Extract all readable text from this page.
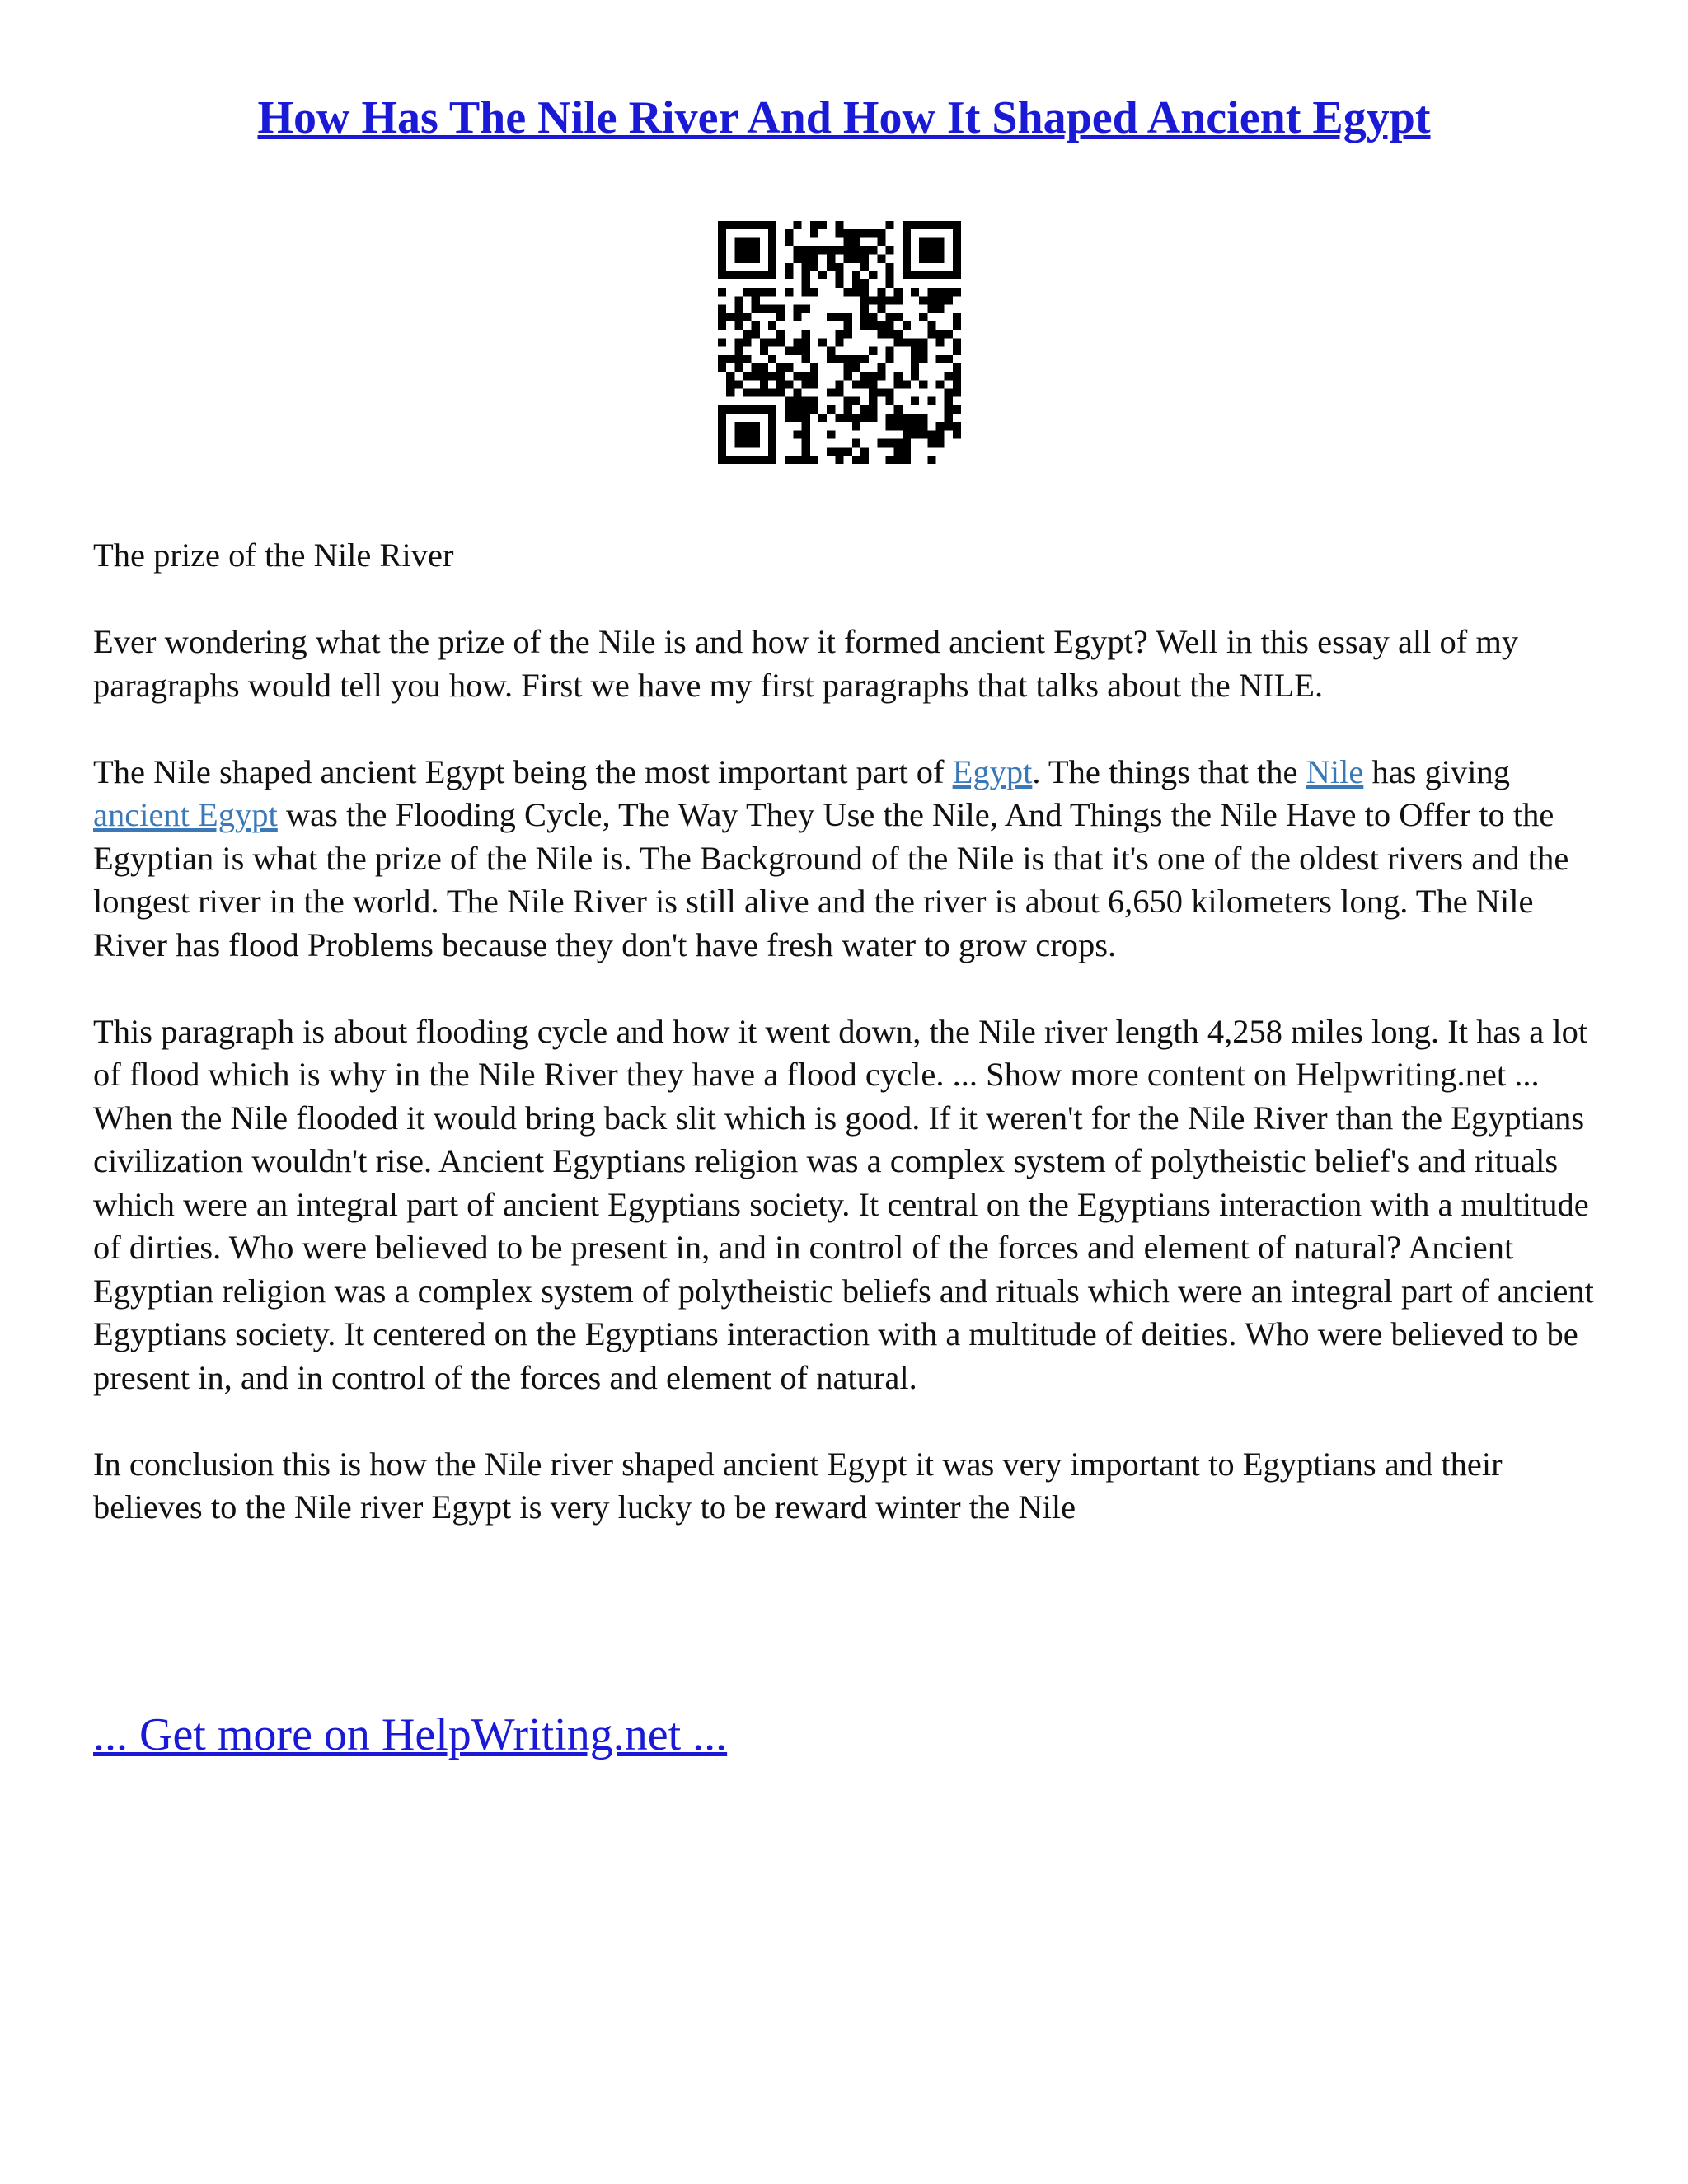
How Has The Nile River And How It Shaped Ancient Egypt

The prize of the Nile River

Ever wondering what the prize of the Nile is and how it formed ancient Egypt? Well in this essay all of my paragraphs would tell you how. First we have my first paragraphs that talks about the NILE.

The Nile shaped ancient Egypt being the most important part of Egypt. The things that the Nile has giving ancient Egypt was the Flooding Cycle, The Way They Use the Nile, And Things the Nile Have to Offer to the Egyptian is what the prize of the Nile is. The Background of the Nile is that it's one of the oldest rivers and the longest river in the world. The Nile River is still alive and the river is about 6,650 kilometers long. The Nile River has flood Problems because they don't have fresh water to grow crops.

This paragraph is about flooding cycle and how it went down, the Nile river length 4,258 miles long. It has a lot of flood which is why in the Nile River they have a flood cycle. ... Show more content on Helpwriting.net ...

When the Nile flooded it would bring back slit which is good. If it weren't for the Nile River than the Egyptians civilization wouldn't rise. Ancient Egyptians religion was a complex system of polytheistic belief's and rituals which were an integral part of ancient Egyptians society. It central on the Egyptians interaction with a multitude of dirties. Who were believed to be present in, and in control of the forces and element of natural? Ancient Egyptian religion was a complex system of polytheistic beliefs and rituals which were an integral part of ancient Egyptians society. It centered on the Egyptians interaction with a multitude of deities. Who were believed to be present in, and in control of the forces and element of natural.

In conclusion this is how the Nile river shaped ancient Egypt it was very important to Egyptians and their believes to the Nile river Egypt is very lucky to be reward winter the Nile

... Get more on HelpWriting.net ...
